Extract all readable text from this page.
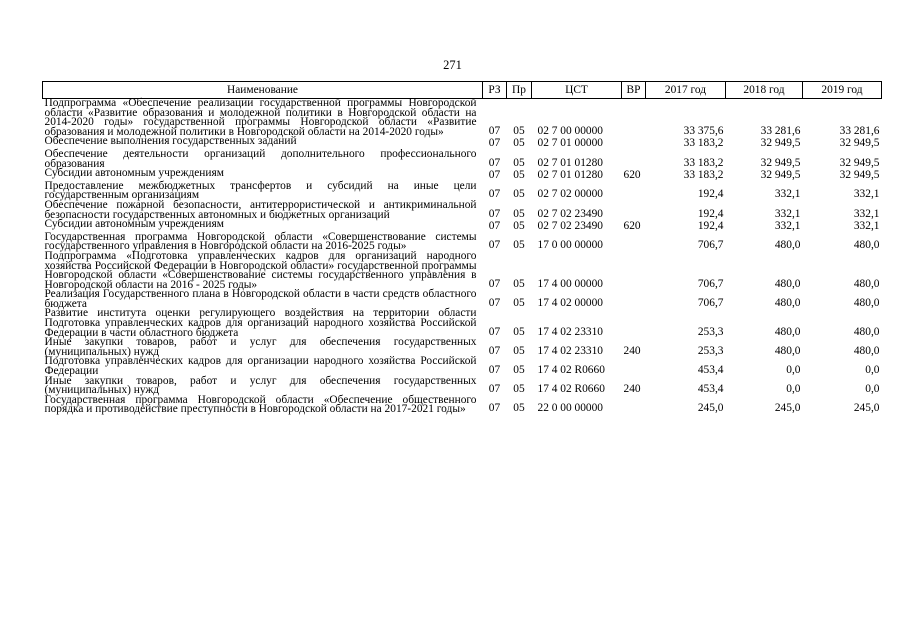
271
Наименование	РЗ	Пр	ЦСТ	ВР	2017 год	2018 год	2019 год
Подпрограмма «Обеспечение реализации государственной программы Новгородской области «Развитие образования и молодежной политики в Новгородской области на 2014-2020 годы» государственной программы Новгородской области «Развитие образования и молодежной политики в Новгородской области на 2014-2020 годы»	07	05	02 7 00 00000		33 375,6	33 281,6	33 281,6
Обеспечение выполнения государственных заданий	07	05	02 7 01 00000		33 183,2	32 949,5	32 949,5
Обеспечение деятельности организаций дополнительного профессионального образования	07	05	02 7 01 01280		33 183,2	32 949,5	32 949,5
Субсидии автономным учреждениям	07	05	02 7 01 01280	620	33 183,2	32 949,5	32 949,5
Предоставление межбюджетных трансфертов и субсидий на иные цели государственным организациям	07	05	02 7 02 00000		192,4	332,1	332,1
Обеспечение пожарной безопасности, антитеррористической и антикриминальной безопасности государственных автономных и бюджетных организаций	07	05	02 7 02 23490		192,4	332,1	332,1
Субсидии автономным учреждениям	07	05	02 7 02 23490	620	192,4	332,1	332,1
Государственная программа Новгородской области «Совершенствование системы государственного управления в Новгородской области на 2016-2025 годы»	07	05	17 0 00 00000		706,7	480,0	480,0
Подпрограмма «Подготовка управленческих кадров для организаций народного хозяйства Российской Федерации в Новгородской области» государственной программы Новгородской области «Совершенствование системы государственного управления в Новгородской области на 2016 - 2025 годы»	07	05	17 4 00 00000		706,7	480,0	480,0
Реализация Государственного плана в Новгородской области в части средств областного бюджета	07	05	17 4 02 00000		706,7	480,0	480,0
Развитие института оценки регулирующего воздействия на территории области Подготовка управленческих кадров для организаций народного хозяйства Российской Федерации в части областного бюджета	07	05	17 4 02 23310		253,3	480,0	480,0
Иные закупки товаров, работ и услуг для обеспечения государственных (муниципальных) нужд	07	05	17 4 02 23310	240	253,3	480,0	480,0
Подготовка управленческих кадров для организации народного хозяйства Российской Федерации	07	05	17 4 02 R0660		453,4	0,0	0,0
Иные закупки товаров, работ и услуг для обеспечения государственных (муниципальных) нужд	07	05	17 4 02 R0660	240	453,4	0,0	0,0
Государственная программа Новгородской области «Обеспечение общественного порядка и противодействие преступности в Новгородской области на 2017-2021 годы»	07	05	22 0 00 00000		245,0	245,0	245,0
